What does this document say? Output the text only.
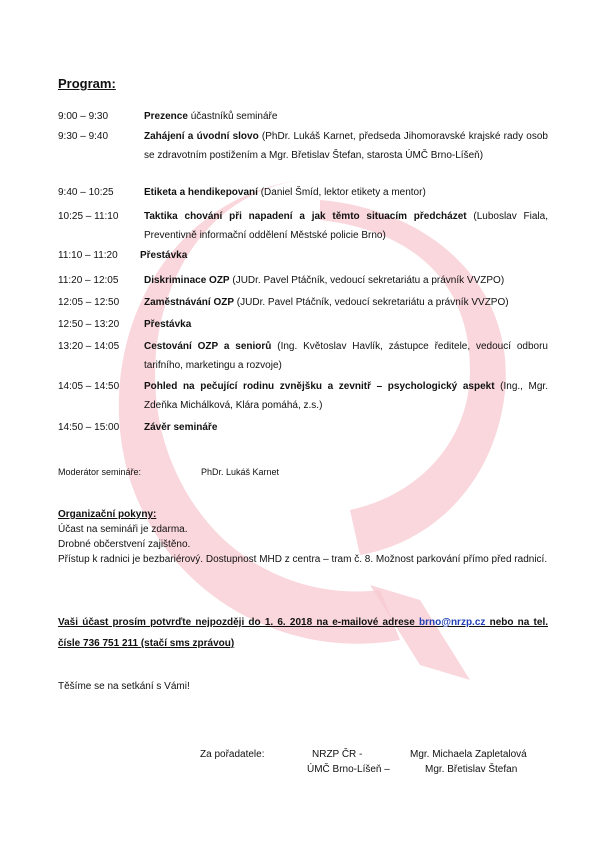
Program:
9:00 – 9:30	Prezence účastníků semináře
9:30 – 9:40	Zahájení a úvodní slovo (PhDr. Lukáš Karnet, předseda Jihomoravské krajské rady osob se zdravotním postižením a Mgr. Břetislav Štefan, starosta ÚMČ Brno-Líšeň)
9:40 – 10:25	Etiketa a hendikepovaní (Daniel Šmíd, lektor etikety a mentor)
10:25 – 11:10	Taktika chování při napadení a jak těmto situacím předcházet (Luboslav Fiala, Preventivně informační oddělení Městské policie Brno)
11:10 – 11:20	Přestávka
11:20 – 12:05	Diskriminace OZP (JUDr. Pavel Ptáčník, vedoucí sekretariátu a právník VVZPO)
12:05 – 12:50	Zaměstnávání OZP (JUDr. Pavel Ptáčník, vedoucí sekretariátu a právník VVZPO)
12:50 – 13:20	Přestávka
13:20 – 14:05	Cestování OZP a seniorů (Ing. Květoslav Havlík, zástupce ředitele, vedoucí odboru tarifního, marketingu a rozvoje)
14:05 – 14:50	Pohled na pečující rodinu zvnějšku a zevnitř – psychologický aspekt (Ing., Mgr. Zdeňka Michálková, Klára pomáhá, z.s.)
14:50 – 15:00	Závěr semináře
Moderátor semináře:	PhDr. Lukáš Karnet
Organizační pokyny:
Účast na semináři je zdarma.
Drobné občerstvení zajištěno.
Přístup k radnici je bezbariérový. Dostupnost MHD z centra – tram č. 8. Možnost parkování přímo před radnicí.
Vaši účast prosím potvrďte nejpozději do 1. 6. 2018 na e-mailové adrese brno@nrzp.cz nebo na tel. čísle 736 751 211 (stačí sms zprávou)
Těšíme se na setkání s Vámi!
Za pořadatele:	NRZP ČR -	Mgr. Michaela Zapletalová
ÚMČ Brno-Líšeň –	Mgr. Břetislav Štefan
